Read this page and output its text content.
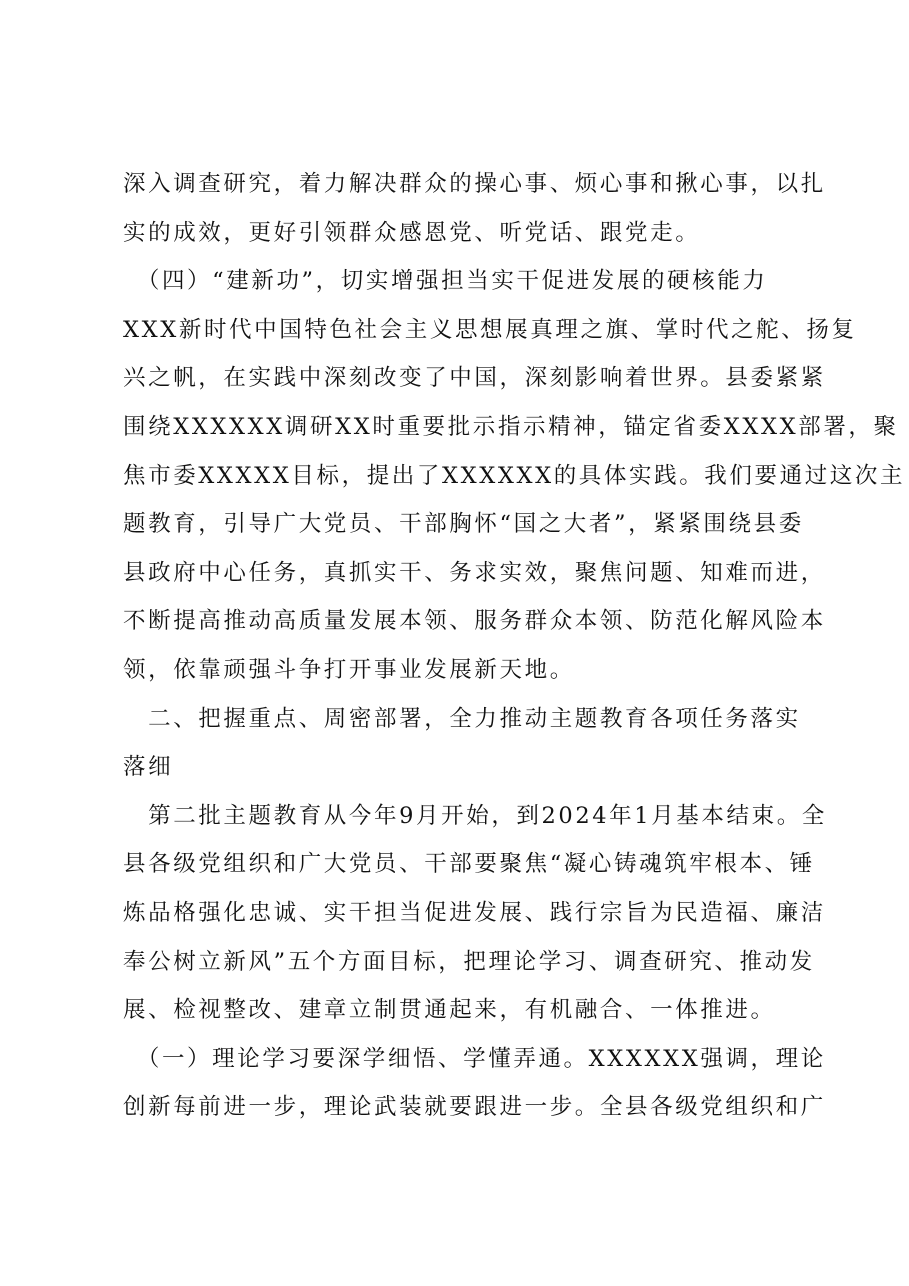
深入调查研究，着力解决群众的操心事、烦心事和揪心事，以扎
实的成效，更好引领群众感恩党、听党话、跟党走。
　（四）“建新功”，切实增强担当实干促进发展的硬核能力
XXX新时代中国特色社会主义思想展真理之旗、掌时代之舵、扬复
兴之帆，在实践中深刻改变了中国，深刻影响着世界。县委紧紧
围绕XXXXXX调研XX时重要批示指示精神，锚定省委XXXX部署，聚
焦市委XXXXX目标，提出了XXXXXX的具体实践。我们要通过这次主
题教育，引导广大党员、干部胸怀“国之大者”，紧紧围绕县委
县政府中心任务，真抓实干、务求实效，聚焦问题、知难而进，
不断提高推动高质量发展本领、服务群众本领、防范化解风险本
领，依靠顽强斗争打开事业发展新天地。
　二、把握重点、周密部署，全力推动主题教育各项任务落实
落细
　第二批主题教育从今年9月开始，到2024年1月基本结束。全
县各级党组织和广大党员、干部要聚焦“凝心铸魂筑牢根本、锤
炼品格强化忠诚、实干担当促进发展、践行宗旨为民造福、廉洁
奉公树立新风”五个方面目标，把理论学习、调查研究、推动发
展、检视整改、建章立制贯通起来，有机融合、一体推进。
　（一）理论学习要深学细悟、学懂弄通。XXXXXX强调，理论
创新每前进一步，理论武装就要跟进一步。全县各级党组织和广
